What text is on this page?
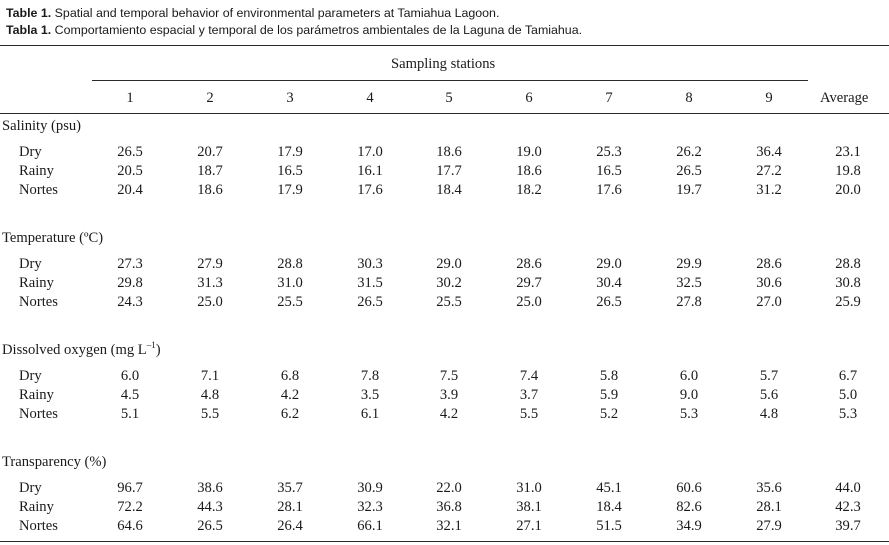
Table 1. Spatial and temporal behavior of environmental parameters at Tamiahua Lagoon.
Tabla 1. Comportamiento espacial y temporal de los parámetros ambientales de la Laguna de Tamiahua.
Sampling stations
1	2	3	4	5	6	7	8	9	Average
Salinity (psu)
Dry	26.5	20.7	17.9	17.0	18.6	19.0	25.3	26.2	36.4	23.1
Rainy	20.5	18.7	16.5	16.1	17.7	18.6	16.5	26.5	27.2	19.8
Nortes	20.4	18.6	17.9	17.6	18.4	18.2	17.6	19.7	31.2	20.0
Temperature (ºC)
Dry	27.3	27.9	28.8	30.3	29.0	28.6	29.0	29.9	28.6	28.8
Rainy	29.8	31.3	31.0	31.5	30.2	29.7	30.4	32.5	30.6	30.8
Nortes	24.3	25.0	25.5	26.5	25.5	25.0	26.5	27.8	27.0	25.9
Dissolved oxygen (mg $L^{-1}$)
Dry	6.0	7.1	6.8	7.8	7.5	7.4	5.8	6.0	5.7	6.7
Rainy	4.5	4.8	4.2	3.5	3.9	3.7	5.9	9.0	5.6	5.0
Nortes	5.1	5.5	6.2	6.1	4.2	5.5	5.2	5.3	4.8	5.3
Transparency (%)
Dry	96.7	38.6	35.7	30.9	22.0	31.0	45.1	60.6	35.6	44.0
Rainy	72.2	44.3	28.1	32.3	36.8	38.1	18.4	82.6	28.1	42.3
Nortes	64.6	26.5	26.4	66.1	32.1	27.1	51.5	34.9	27.9	39.7
